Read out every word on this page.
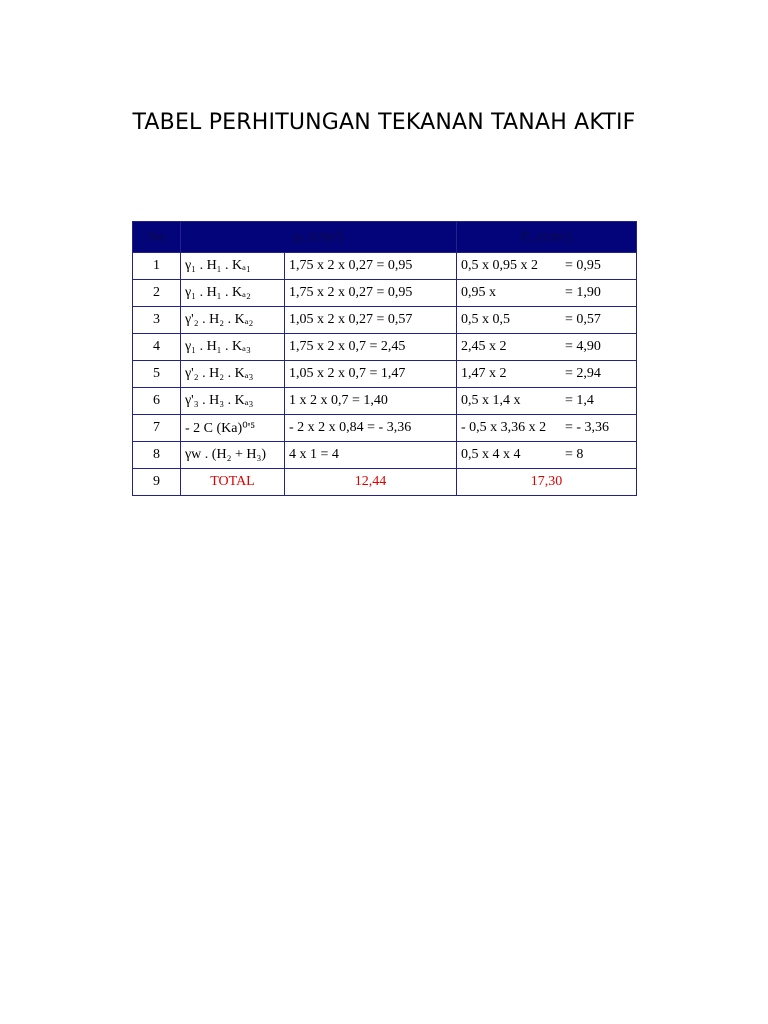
TABEL PERHITUNGAN TEKANAN TANAH AKTIF
No	pₐ (t/m²)		Pₐ (t/m²)
1	γ₁ . H₁ . Kₐ₁	1,75 x 2 x 0,27 = 0,95	0,5 x 0,95 x 2 = 0,95
2	γ₁ . H₁ . Kₐ₂	1,75 x 2 x 0,27 = 0,95	0,95 x = 1,90
3	γ'₂ . H₂ . Kₐ₂	1,05 x 2 x 0,27 = 0,57	0,5 x 0,5 = 0,57
4	γ₁ . H₁ . Kₐ₃	1,75 x 2 x 0,7 = 2,45	2,45 x 2 = 4,90
5	γ'₂ . H₂ . Kₐ₃	1,05 x 2 x 0,7 = 1,47	1,47 x 2 = 2,94
6	γ'₃ . H₃ . Kₐ₃	1 x 2 x 0,7 = 1,40	0,5 x 1,4 x = 1,4
7	- 2 C (Ka)⁰'⁵	- 2 x 2 x 0,84 = - 3,36	- 0,5 x 3,36 x 2 = - 3,36
8	γw . (H₂ + H₃)	4 x 1 = 4	0,5 x 4 x 4 = 8
9	TOTAL	12,44	17,30
